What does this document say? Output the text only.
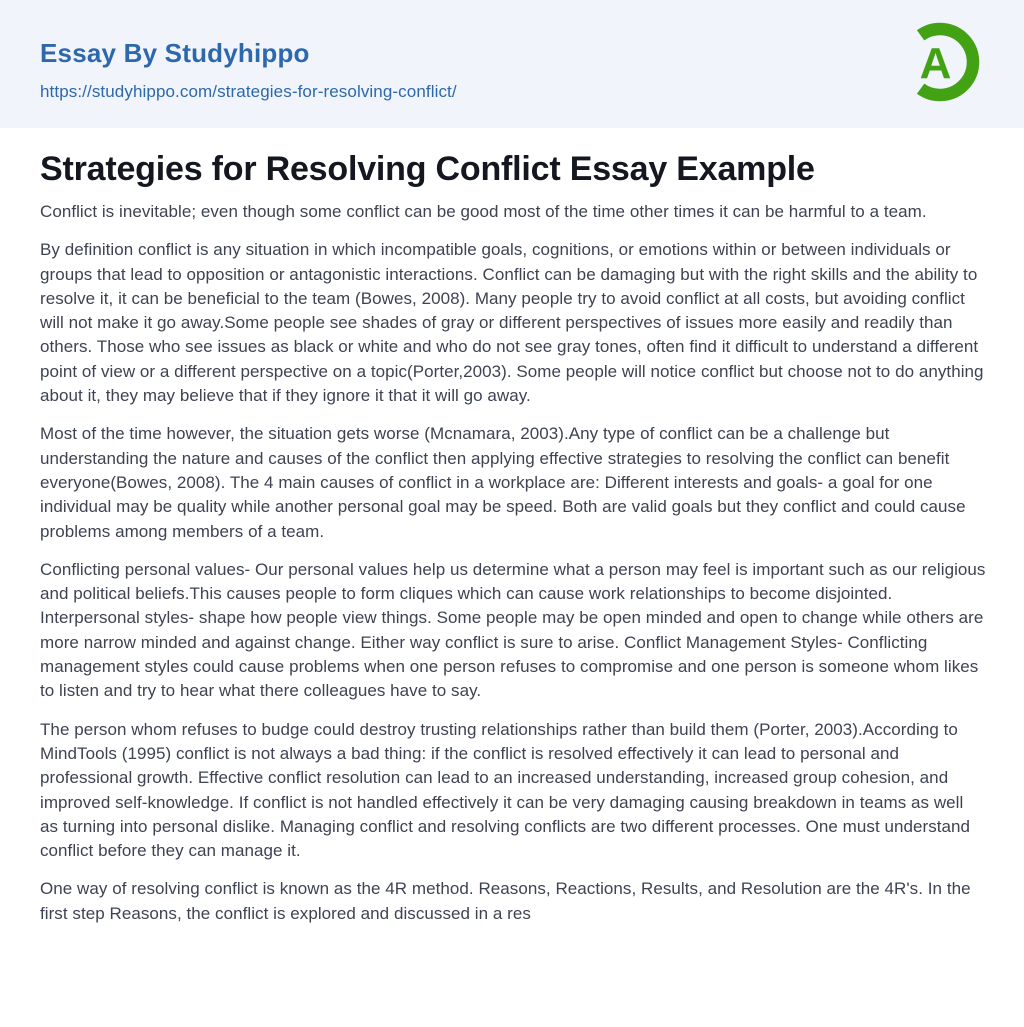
Essay By Studyhippo
https://studyhippo.com/strategies-for-resolving-conflict/
A
Strategies for Resolving Conflict Essay Example

Conflict is inevitable; even though some conflict can be good most of the time other times it can be harmful to a team.

By definition conflict is any situation in which incompatible goals, cognitions, or emotions within or between individuals or groups that lead to opposition or antagonistic interactions. Conflict can be damaging but with the right skills and the ability to resolve it, it can be beneficial to the team (Bowes, 2008). Many people try to avoid conflict at all costs, but avoiding conflict will not make it go away.Some people see shades of gray or different perspectives of issues more easily and readily than others. Those who see issues as black or white and who do not see gray tones, often find it difficult to understand a different point of view or a different perspective on a topic(Porter,2003). Some people will notice conflict but choose not to do anything about it, they may believe that if they ignore it that it will go away.

Most of the time however, the situation gets worse (Mcnamara, 2003).Any type of conflict can be a challenge but understanding the nature and causes of the conflict then applying effective strategies to resolving the conflict can benefit everyone(Bowes, 2008). The 4 main causes of conflict in a workplace are: Different interests and goals- a goal for one individual may be quality while another personal goal may be speed. Both are valid goals but they conflict and could cause problems among members of a team.

Conflicting personal values- Our personal values help us determine what a person may feel is important such as our religious and political beliefs.This causes people to form cliques which can cause work relationships to become disjointed. Interpersonal styles- shape how people view things. Some people may be open minded and open to change while others are more narrow minded and against change. Either way conflict is sure to arise. Conflict Management Styles- Conflicting management styles could cause problems when one person refuses to compromise and one person is someone whom likes to listen and try to hear what there colleagues have to say.

The person whom refuses to budge could destroy trusting relationships rather than build them (Porter, 2003).According to MindTools (1995) conflict is not always a bad thing: if the conflict is resolved effectively it can lead to personal and professional growth. Effective conflict resolution can lead to an increased understanding, increased group cohesion, and improved self-knowledge. If conflict is not handled effectively it can be very damaging causing breakdown in teams as well as turning into personal dislike. Managing conflict and resolving conflicts are two different processes. One must understand conflict before they can manage it.

One way of resolving conflict is known as the 4R method. Reasons, Reactions, Results, and Resolution are the 4R's. In the first step Reasons, the conflict is explored and discussed in a res
